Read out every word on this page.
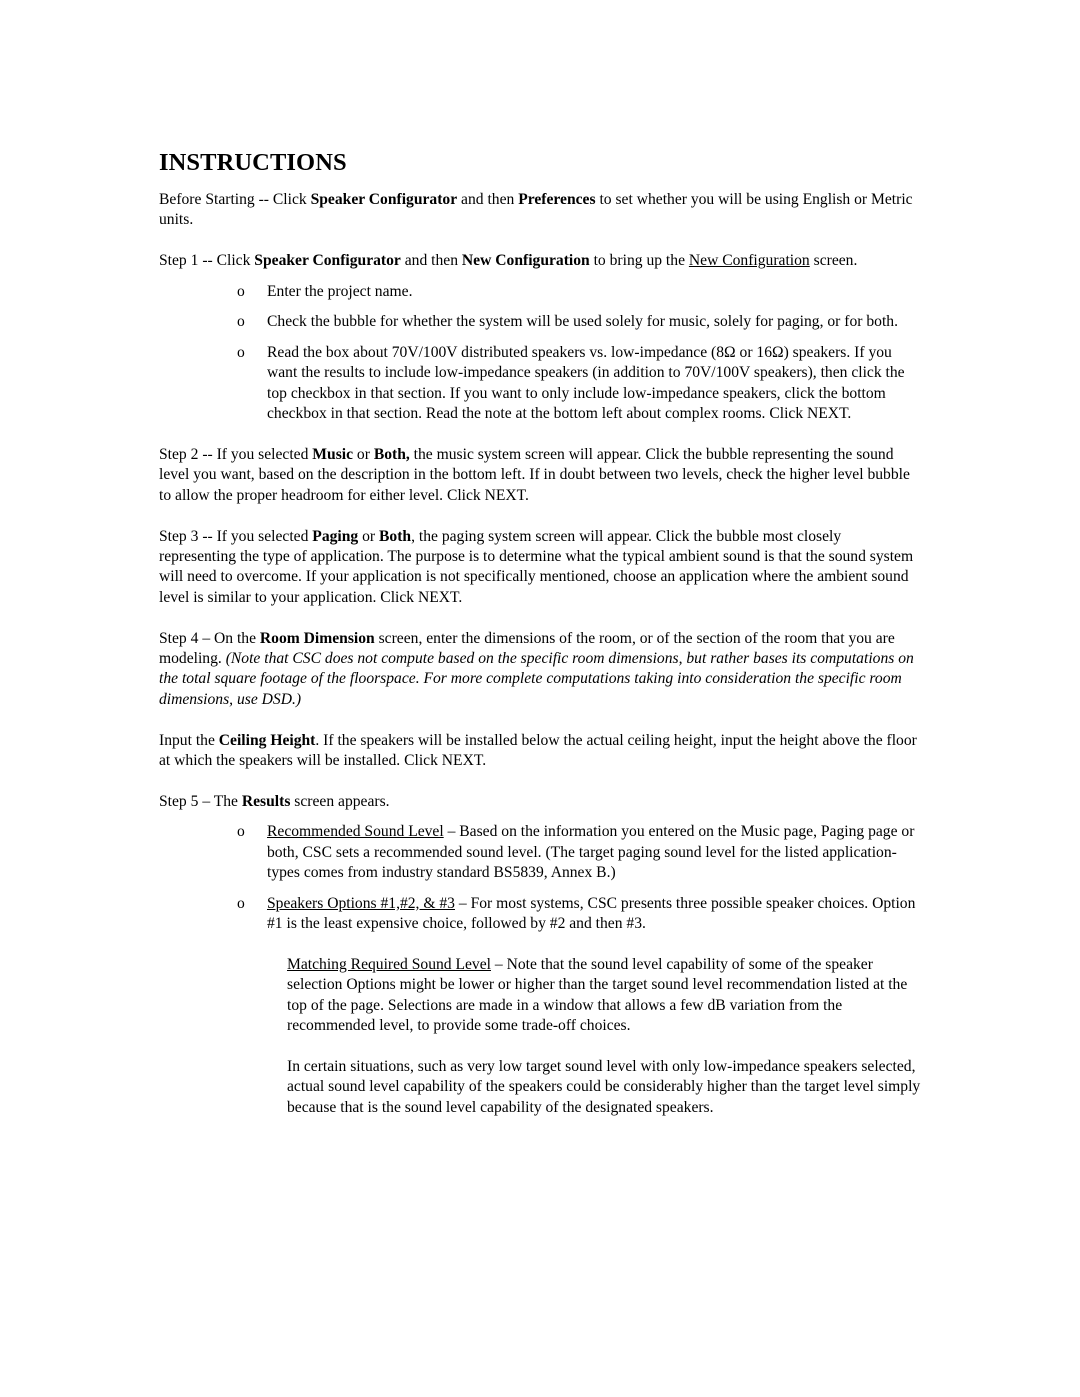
INSTRUCTIONS

Before Starting -- Click Speaker Configurator and then Preferences to set whether you will be using English or Metric units.

Step 1 -- Click Speaker Configurator and then New Configuration to bring up the New Configuration screen.

o Enter the project name.
o Check the bubble for whether the system will be used solely for music, solely for paging, or for both.
o Read the box about 70V/100V distributed speakers vs. low-impedance (8Ω or 16Ω) speakers. If you want the results to include low-impedance speakers (in addition to 70V/100V speakers), then click the top checkbox in that section. If you want to only include low-impedance speakers, click the bottom checkbox in that section. Read the note at the bottom left about complex rooms. Click NEXT.

Step 2 -- If you selected Music or Both, the music system screen will appear. Click the bubble representing the sound level you want, based on the description in the bottom left. If in doubt between two levels, check the higher level bubble to allow the proper headroom for either level. Click NEXT.

Step 3 -- If you selected Paging or Both, the paging system screen will appear. Click the bubble most closely representing the type of application. The purpose is to determine what the typical ambient sound is that the sound system will need to overcome. If your application is not specifically mentioned, choose an application where the ambient sound level is similar to your application. Click NEXT.

Step 4 – On the Room Dimension screen, enter the dimensions of the room, or of the section of the room that you are modeling. (Note that CSC does not compute based on the specific room dimensions, but rather bases its computations on the total square footage of the floorspace. For more complete computations taking into consideration the specific room dimensions, use DSD.)

Input the Ceiling Height. If the speakers will be installed below the actual ceiling height, input the height above the floor at which the speakers will be installed. Click NEXT.

Step 5 – The Results screen appears.

o Recommended Sound Level – Based on the information you entered on the Music page, Paging page or both, CSC sets a recommended sound level. (The target paging sound level for the listed application-types comes from industry standard BS5839, Annex B.)
o Speakers Options #1,#2, & #3 – For most systems, CSC presents three possible speaker choices. Option #1 is the least expensive choice, followed by #2 and then #3.

Matching Required Sound Level – Note that the sound level capability of some of the speaker selection Options might be lower or higher than the target sound level recommendation listed at the top of the page. Selections are made in a window that allows a few dB variation from the recommended level, to provide some trade-off choices.

In certain situations, such as very low target sound level with only low-impedance speakers selected, actual sound level capability of the speakers could be considerably higher than the target level simply because that is the sound level capability of the designated speakers.
